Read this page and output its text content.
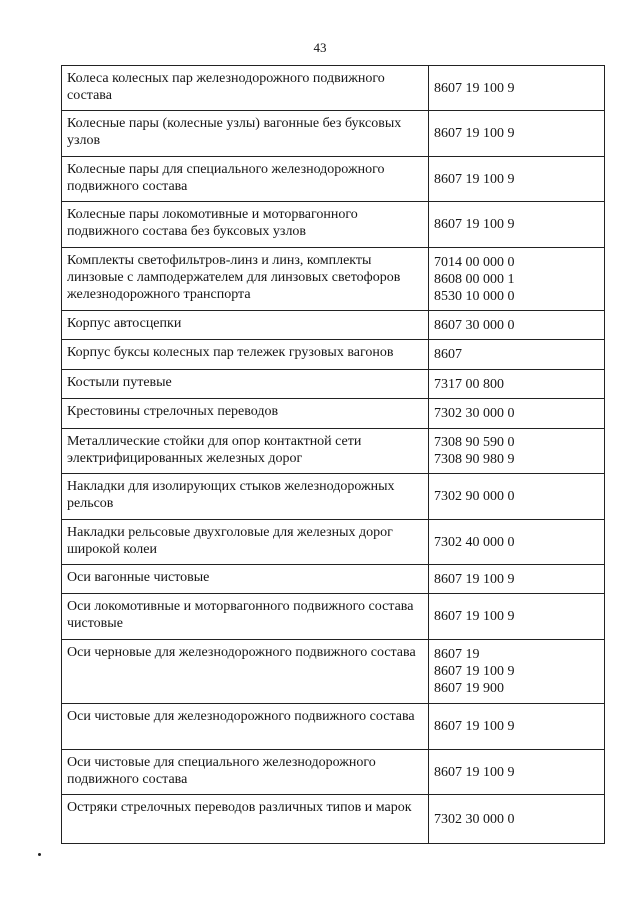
43
Колеса колесных пар железнодорожного подвижного состава	8607 19 100 9

Колесные пары (колесные узлы) вагонные без буксовых узлов	8607 19 100 9

Колесные пары для специального железнодорожного подвижного состава	8607 19 100 9

Колесные пары локомотивные и моторвагонного подвижного состава без буксовых узлов	8607 19 100 9

Комплекты светофильтров-линз и линз, комплекты линзовые с ламподержателем для линзовых светофоров железнодорожного транспорта	7014 00 000 0
8608 00 000 1
8530 10 000 0

Корпус автосцепки	8607 30 000 0

Корпус буксы колесных пар тележек грузовых вагонов	8607

Костыли путевые	7317 00 800

Крестовины стрелочных переводов	7302 30 000 0

Металлические стойки для опор контактной сети электрифицированных железных дорог	7308 90 590 0
7308 90 980 9

Накладки для изолирующих стыков железнодорожных рельсов	7302 90 000 0

Накладки рельсовые двухголовые для железных дорог широкой колеи	7302 40 000 0

Оси вагонные чистовые	8607 19 100 9

Оси локомотивные и моторвагонного подвижного состава чистовые	8607 19 100 9

Оси черновые для железнодорожного подвижного состава	8607 19
8607 19 100 9
8607 19 900

Оси чистовые для железнодорожного подвижного состава	8607 19 100 9

Оси чистовые для специального железнодорожного подвижного состава	8607 19 100 9

Остряки стрелочных переводов различных типов и марок	7302 30 000 0
